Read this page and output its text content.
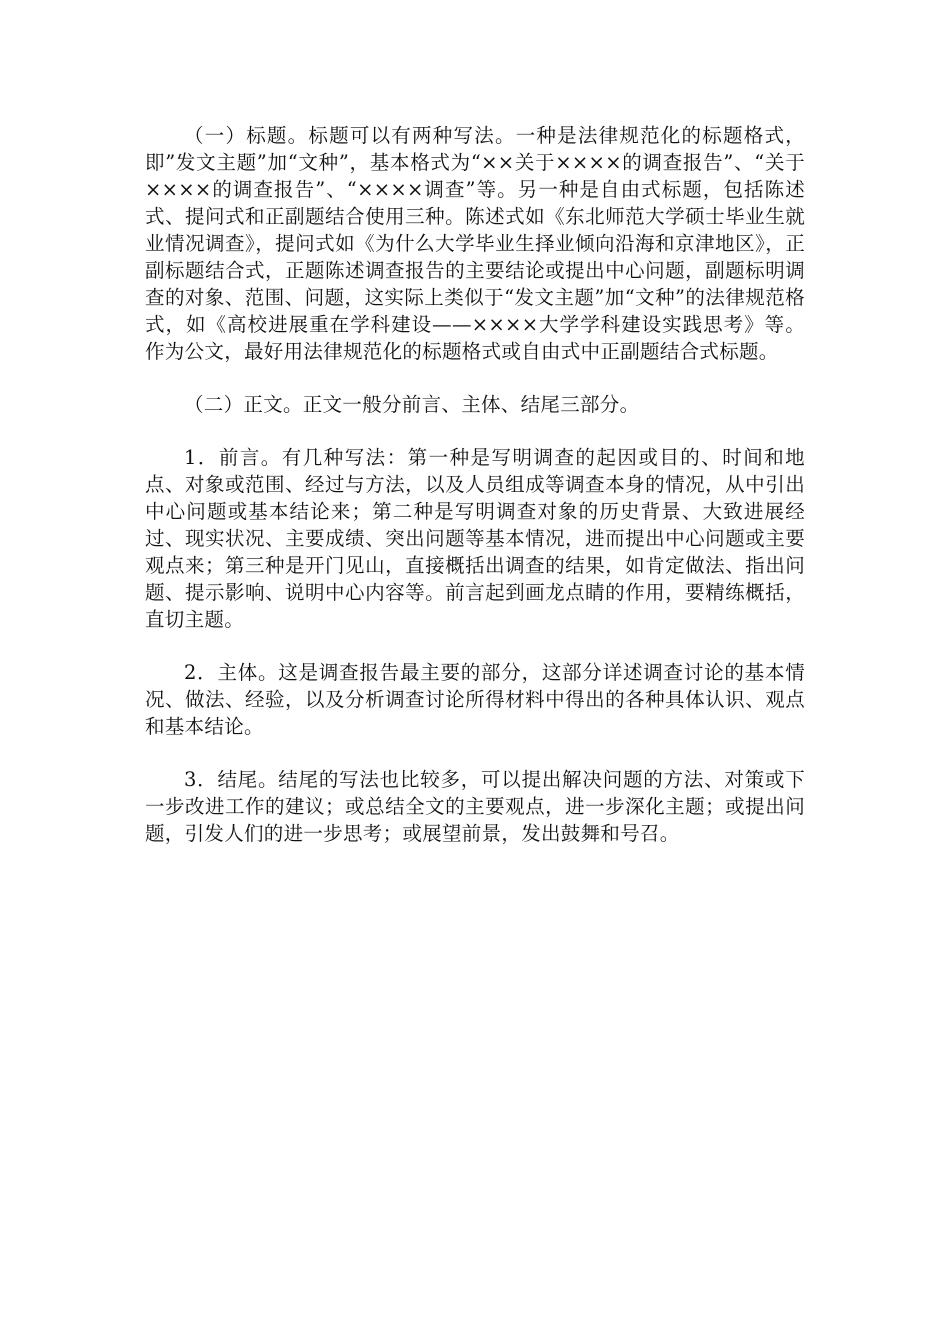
（一）标题。标题可以有两种写法。一种是法律规范化的标题格式，即”发文主题”加“文种”，基本格式为“××关于××××的调查报告”、“关于××××的调查报告”、“××××调查”等。另一种是自由式标题，包括陈述式、提问式和正副题结合使用三种。陈述式如《东北师范大学硕士毕业生就业情况调查》，提问式如《为什么大学毕业生择业倾向沿海和京津地区》，正副标题结合式，正题陈述调查报告的主要结论或提出中心问题，副题标明调查的对象、范围、问题，这实际上类似于“发文主题”加“文种”的法律规范格式，如《高校进展重在学科建设——××××大学学科建设实践思考》等。作为公文，最好用法律规范化的标题格式或自由式中正副题结合式标题。

（二）正文。正文一般分前言、主体、结尾三部分。

1．前言。有几种写法：第一种是写明调查的起因或目的、时间和地点、对象或范围、经过与方法，以及人员组成等调查本身的情况，从中引出中心问题或基本结论来；第二种是写明调查对象的历史背景、大致进展经过、现实状况、主要成绩、突出问题等基本情况，进而提出中心问题或主要观点来；第三种是开门见山，直接概括出调查的结果，如肯定做法、指出问题、提示影响、说明中心内容等。前言起到画龙点睛的作用，要精练概括，直切主题。

2．主体。这是调查报告最主要的部分，这部分详述调查讨论的基本情况、做法、经验，以及分析调查讨论所得材料中得出的各种具体认识、观点和基本结论。

3．结尾。结尾的写法也比较多，可以提出解决问题的方法、对策或下一步改进工作的建议；或总结全文的主要观点，进一步深化主题；或提出问题，引发人们的进一步思考；或展望前景，发出鼓舞和号召。
